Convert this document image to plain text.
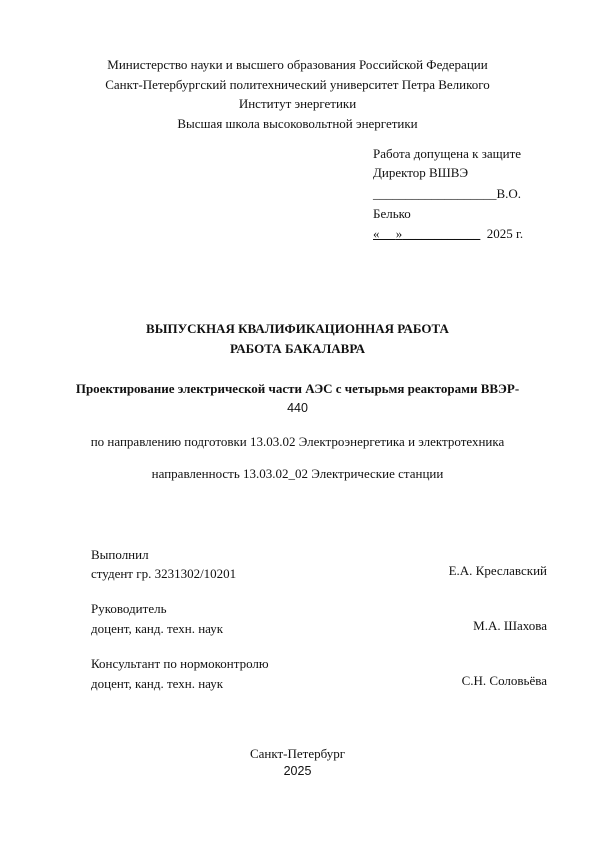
Министерство науки и высшего образования Российской Федерации
Санкт-Петербургский политехнический университет Петра Великого
Институт энергетики
Высшая школа высоковольтной энергетики
Работа допущена к защите
Директор ВШВЭ
___________________В.О.
Белько
« »____________ 2025 г.
ВЫПУСКНАЯ КВАЛИФИКАЦИОННАЯ РАБОТА
РАБОТА БАКАЛАВРА
Проектирование электрической части АЭС с четырьмя реакторами ВВЭР-
440
по направлению подготовки 13.03.02 Электроэнергетика и электротехника
направленность 13.03.02_02 Электрические станции
Выполнил
студент гр. 3231302/10201	Е.А. Креславский
Руководитель
доцент, канд. техн. наук	М.А. Шахова
Консультант по нормоконтролю
доцент, канд. техн. наук	С.Н. Соловьёва
Санкт-Петербург
2025
